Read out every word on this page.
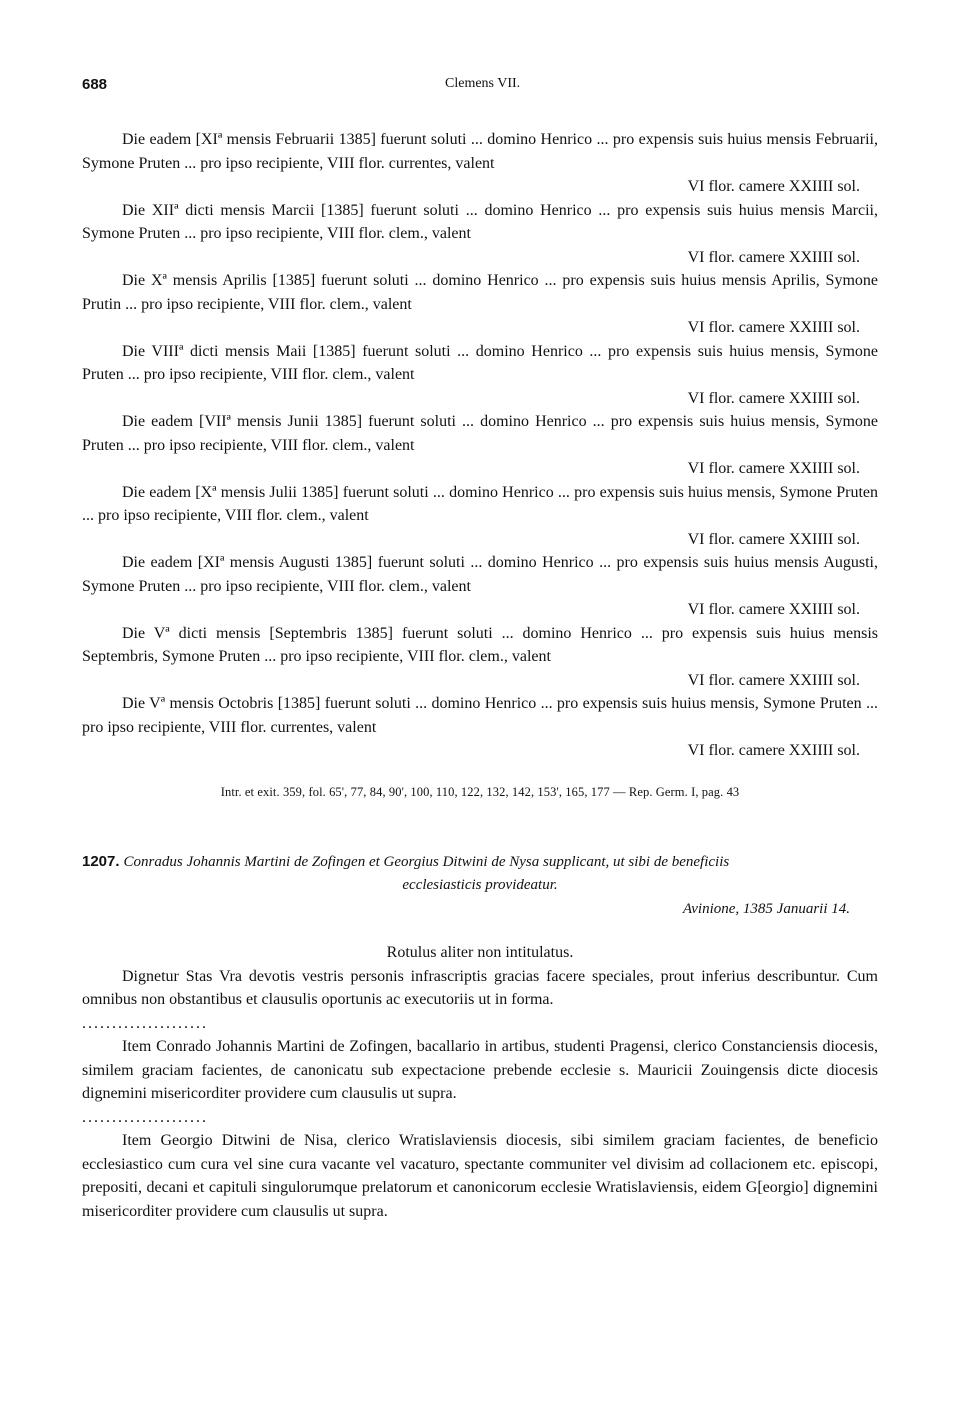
688	Clemens VII.
Die eadem [XIª mensis Februarii 1385] fuerunt soluti ... domino Henrico ... pro expensis suis huius mensis Februarii, Symone Pruten ... pro ipso recipiente, VIII flor. currentes, valent
VI flor. camere XXIIII sol.
Die XIIª dicti mensis Marcii [1385] fuerunt soluti ... domino Henrico ... pro expensis suis huius mensis Marcii, Symone Pruten ... pro ipso recipiente, VIII flor. clem., valent
VI flor. camere XXIIII sol.
Die Xª mensis Aprilis [1385] fuerunt soluti ... domino Henrico ... pro expensis suis huius mensis Aprilis, Symone Prutin ... pro ipso recipiente, VIII flor. clem., valent
VI flor. camere XXIIII sol.
Die VIIIª dicti mensis Maii [1385] fuerunt soluti ... domino Henrico ... pro expensis suis huius mensis, Symone Pruten ... pro ipso recipiente, VIII flor. clem., valent
VI flor. camere XXIIII sol.
Die eadem [VIIª mensis Junii 1385] fuerunt soluti ... domino Henrico ... pro expensis suis huius mensis, Symone Pruten ... pro ipso recipiente, VIII flor. clem., valent
VI flor. camere XXIIII sol.
Die eadem [Xª mensis Julii 1385] fuerunt soluti ... domino Henrico ... pro expensis suis huius mensis, Symone Pruten ... pro ipso recipiente, VIII flor. clem., valent
VI flor. camere XXIIII sol.
Die eadem [XIª mensis Augusti 1385] fuerunt soluti ... domino Henrico ... pro expensis suis huius mensis Augusti, Symone Pruten ... pro ipso recipiente, VIII flor. clem., valent
VI flor. camere XXIIII sol.
Die Vª dicti mensis [Septembris 1385] fuerunt soluti ... domino Henrico ... pro expensis suis huius mensis Septembris, Symone Pruten ... pro ipso recipiente, VIII flor. clem., valent
VI flor. camere XXIIII sol.
Die Vª mensis Octobris [1385] fuerunt soluti ... domino Henrico ... pro expensis suis huius mensis, Symone Pruten ... pro ipso recipiente, VIII flor. currentes, valent
VI flor. camere XXIIII sol.
Intr. et exit. 359, fol. 65', 77, 84, 90', 100, 110, 122, 132, 142, 153', 165, 177 — Rep. Germ. I, pag. 43
1207. Conradus Johannis Martini de Zofingen et Georgius Ditwini de Nysa supplicant, ut sibi de beneficiis
ecclesiasticis provideatur.
Avinione, 1385 Januarii 14.
Rotulus aliter non intitulatus.

Dignetur Stas Vra devotis vestris personis infrascriptis gracias facere speciales, prout inferius describuntur. Cum omnibus non obstantibus et clausulis oportunis ac executoriis ut in forma.

.....................

Item Conrado Johannis Martini de Zofingen, bacallario in artibus, studenti Pragensi, clerico Constanciensis diocesis, similem graciam facientes, de canonicatu sub expectacione prebende ecclesie s. Mauricii Zouingensis dicte diocesis dignemini misericorditer providere cum clausulis ut supra.

.....................

Item Georgio Ditwini de Nisa, clerico Wratislaviensis diocesis, sibi similem graciam facientes, de beneficio ecclesiastico cum cura vel sine cura vacante vel vacaturo, spectante communiter vel divisim ad collacionem etc. episcopi, prepositi, decani et capituli singulorumque prelatorum et canonicorum ecclesie Wratislaviensis, eidem G[eorgio] dignemini misericorditer providere cum clausulis ut supra.
